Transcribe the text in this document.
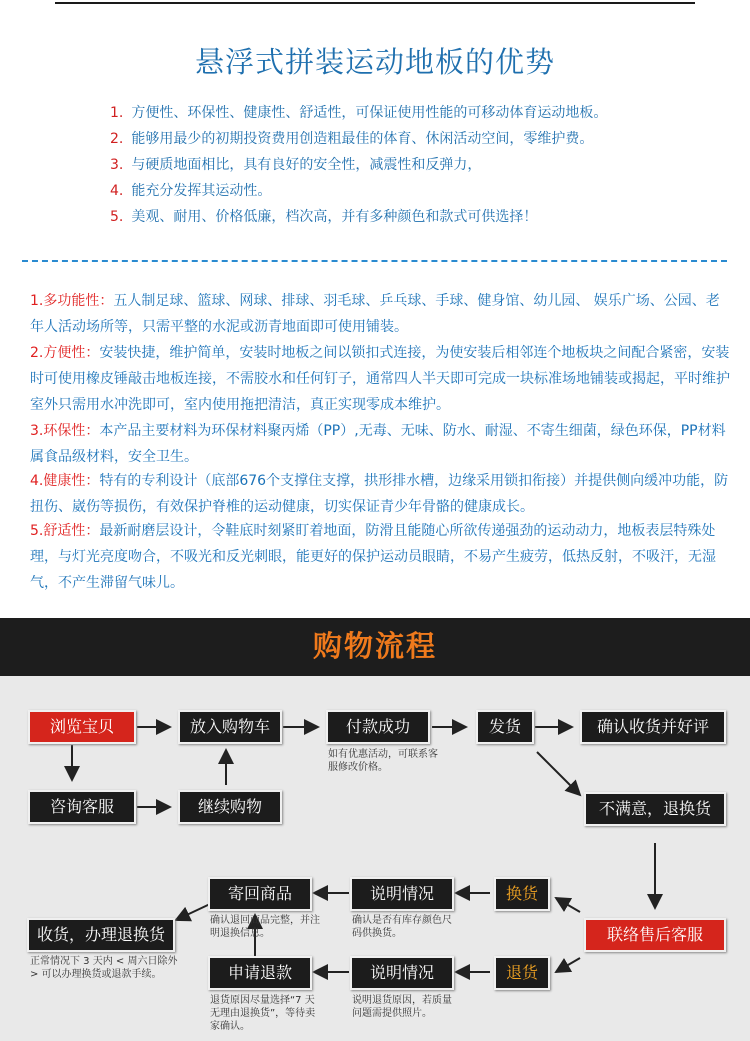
悬浮式拼装运动地板的优势
1. 方便性、环保性、健康性、舒适性，可保证使用性能的可移动体育运动地板。
2. 能够用最少的初期投资费用创造粗最佳的体育、休闲活动空间，零维护费。
3. 与硬质地面相比，具有良好的安全性，减震性和反弹力，
4. 能充分发挥其运动性。
5. 美观、耐用、价格低廉，档次高，并有多种颜色和款式可供选择！
1.多功能性：五人制足球、篮球、网球、排球、羽毛球、乒乓球、手球、健身馆、幼儿园、 娱乐广场、公园、老年人活动场所等，只需平整的水泥或沥青地面即可使用铺装。
2.方便性：安装快捷，维护简单，安装时地板之间以锁扣式连接，为使安装后相邻连个地板块之间配合紧密，安装时可使用橡皮锤敲击地板连接，不需胶水和任何钉子，通常四人半天即可完成一块标准场地铺装或揭起，平时维护室外只需用水冲洗即可，室内使用拖把清洁，真正实现零成本维护。
3.环保性：本产品主要材料为环保材料聚丙烯（PP）,无毒、无味、防水、耐湿、不寄生细菌，绿色环保，PP材料属食品级材料，安全卫生。
4.健康性：特有的专利设计（底部676个支撑住支撑，拱形排水槽，边缘采用锁扣衔接）并提供侧向缓冲功能，防扭伤、崴伤等损伤，有效保护脊椎的运动健康，切实保证青少年骨骼的健康成长。
5.舒适性：最新耐磨层设计，令鞋底时刻紧盯着地面，防滑且能随心所欲传递强劲的运动动力，地板表层特殊处理，与灯光亮度吻合，不吸光和反光刺眼，能更好的保护运动员眼睛，不易产生疲劳，低热反射，不吸汗，无湿气，不产生滞留气味儿。
购物流程
浏览宝贝	放入购物车	付款成功	发货	确认收货并好评
如有优惠活动，可联系客服修改价格。
咨询客服	继续购物	不满意，退换货
寄回商品	说明情况	换货
确认退回商品完整，并注明退换信息。
确认是否有库存颜色尺码供换货。
收货，办理退换货	联络售后客服
正常情况下 3 天内 < 周六日除外 > 可以办理换货或退款手续。	申请退款	说明情况	退货
退货原因尽量选择“7 天无理由退换货”，等待卖家确认。
说明退货原因，若质量问题需提供照片。
